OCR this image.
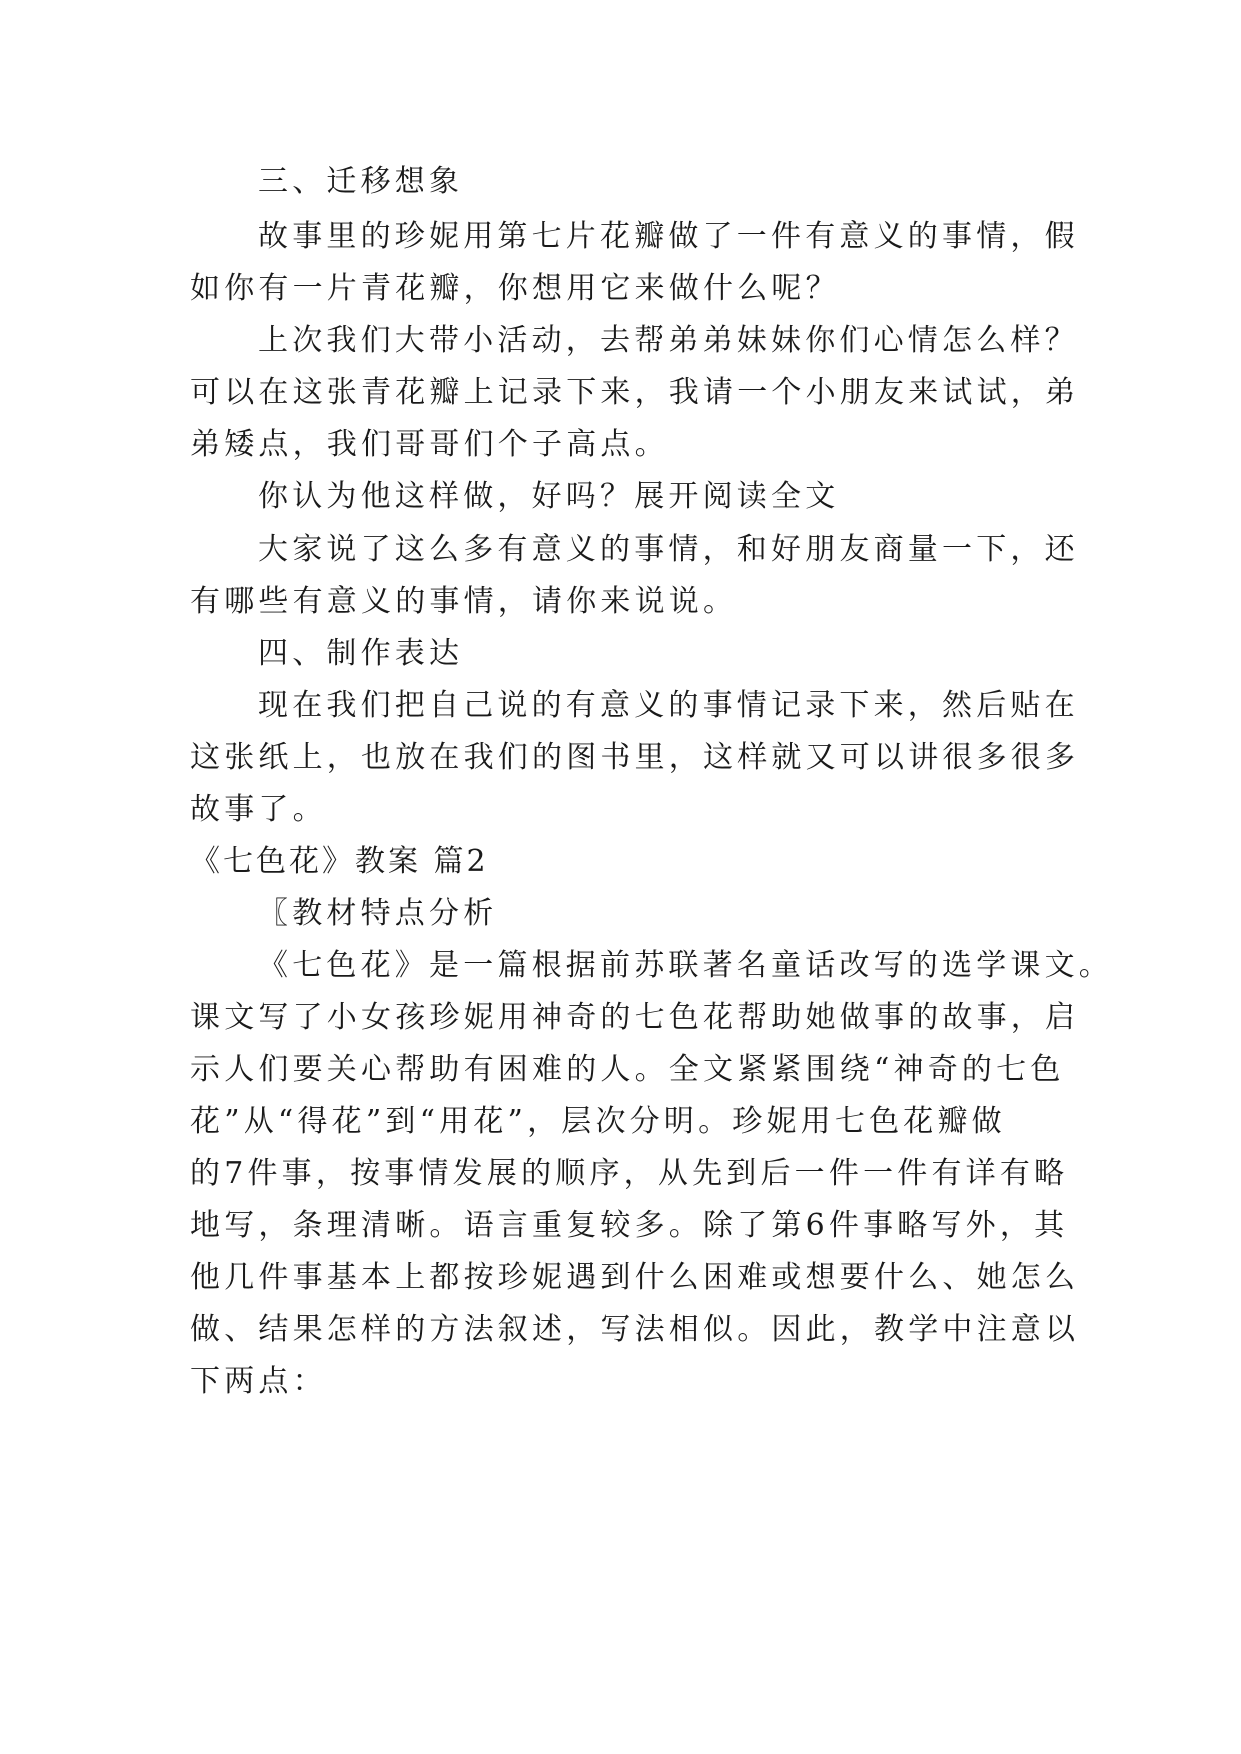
三、迁移想象
故事里的珍妮用第七片花瓣做了一件有意义的事情，假
如你有一片青花瓣，你想用它来做什么呢？
上次我们大带小活动，去帮弟弟妹妹你们心情怎么样？
可以在这张青花瓣上记录下来，我请一个小朋友来试试，弟
弟矮点，我们哥哥们个子高点。
你认为他这样做，好吗？展开阅读全文
大家说了这么多有意义的事情，和好朋友商量一下，还
有哪些有意义的事情，请你来说说。
四、制作表达
现在我们把自己说的有意义的事情记录下来，然后贴在
这张纸上，也放在我们的图书里，这样就又可以讲很多很多
故事了。
《七色花》教案 篇2
〖教材特点分析
《七色花》是一篇根据前苏联著名童话改写的选学课文。
课文写了小女孩珍妮用神奇的七色花帮助她做事的故事，启
示人们要关心帮助有困难的人。全文紧紧围绕“神奇的七色
花”从“得花”到“用花”，层次分明。珍妮用七色花瓣做
的7件事，按事情发展的顺序，从先到后一件一件有详有略
地写，条理清晰。语言重复较多。除了第6件事略写外，其
他几件事基本上都按珍妮遇到什么困难或想要什么、她怎么
做、结果怎样的方法叙述，写法相似。因此，教学中注意以
下两点：
